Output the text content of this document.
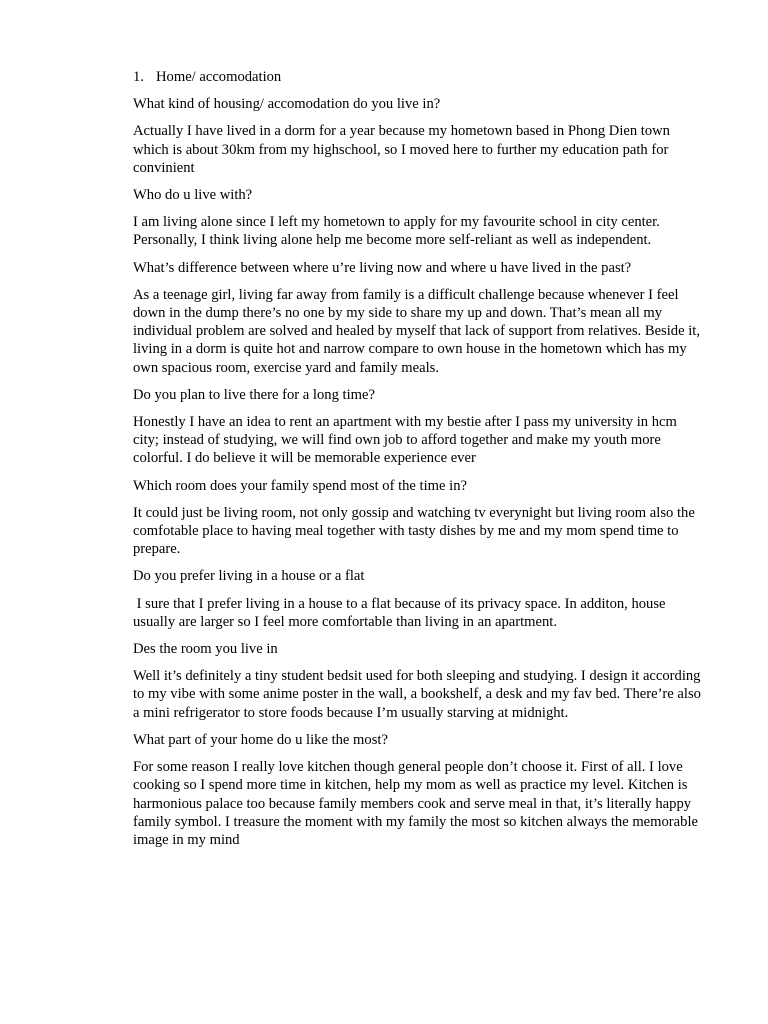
1. Home/ accomodation

What kind of housing/ accomodation do you live in?

Actually I have lived in a dorm for a year because my hometown based in Phong Dien town which is about 30km from my highschool, so I moved here to further my education path for convinient

Who do u live with?

I am living alone since I left my hometown to apply for my favourite school in city center. Personally, I think living alone help me become more self-reliant as well as independent.

What’s difference between where u’re living now and where u have lived in the past?

As a teenage girl, living far away from family is a difficult challenge because whenever I feel down in the dump there’s no one by my side to share my up and down. That’s mean all my individual problem are solved and healed by myself that lack of support from relatives. Beside it, living in a dorm is quite hot and narrow compare to own house in the hometown which has my own spacious room, exercise yard and family meals.

Do you plan to live there for a long time?

Honestly I have an idea to rent an apartment with my bestie after I pass my university in hcm city; instead of studying, we will find own job to afford together and make my youth more colorful. I do believe it will be memorable experience ever

Which room does your family spend most of the time in?

It could just be living room, not only gossip and watching tv everynight but living room also the comfotable place to having meal together with tasty dishes by me and my mom spend time to prepare.

Do you prefer living in a house or a flat

I sure that I prefer living in a house to a flat because of its privacy space. In additon, house usually are larger so I feel more comfortable than living in an apartment.

Des the room you live in

Well it’s definitely a tiny student bedsit used for both sleeping and studying. I design it according to my vibe with some anime poster in the wall, a bookshelf, a desk and my fav bed. There’re also a mini refrigerator to store foods because I’m usually starving at midnight.

What part of your home do u like the most?

For some reason I really love kitchen though general people don’t choose it. First of all. I love cooking so I spend more time in kitchen, help my mom as well as practice my level. Kitchen is harmonious palace too because family members cook and serve meal in that, it’s literally happy family symbol. I treasure the moment with my family the most so kitchen always the memorable image in my mind
